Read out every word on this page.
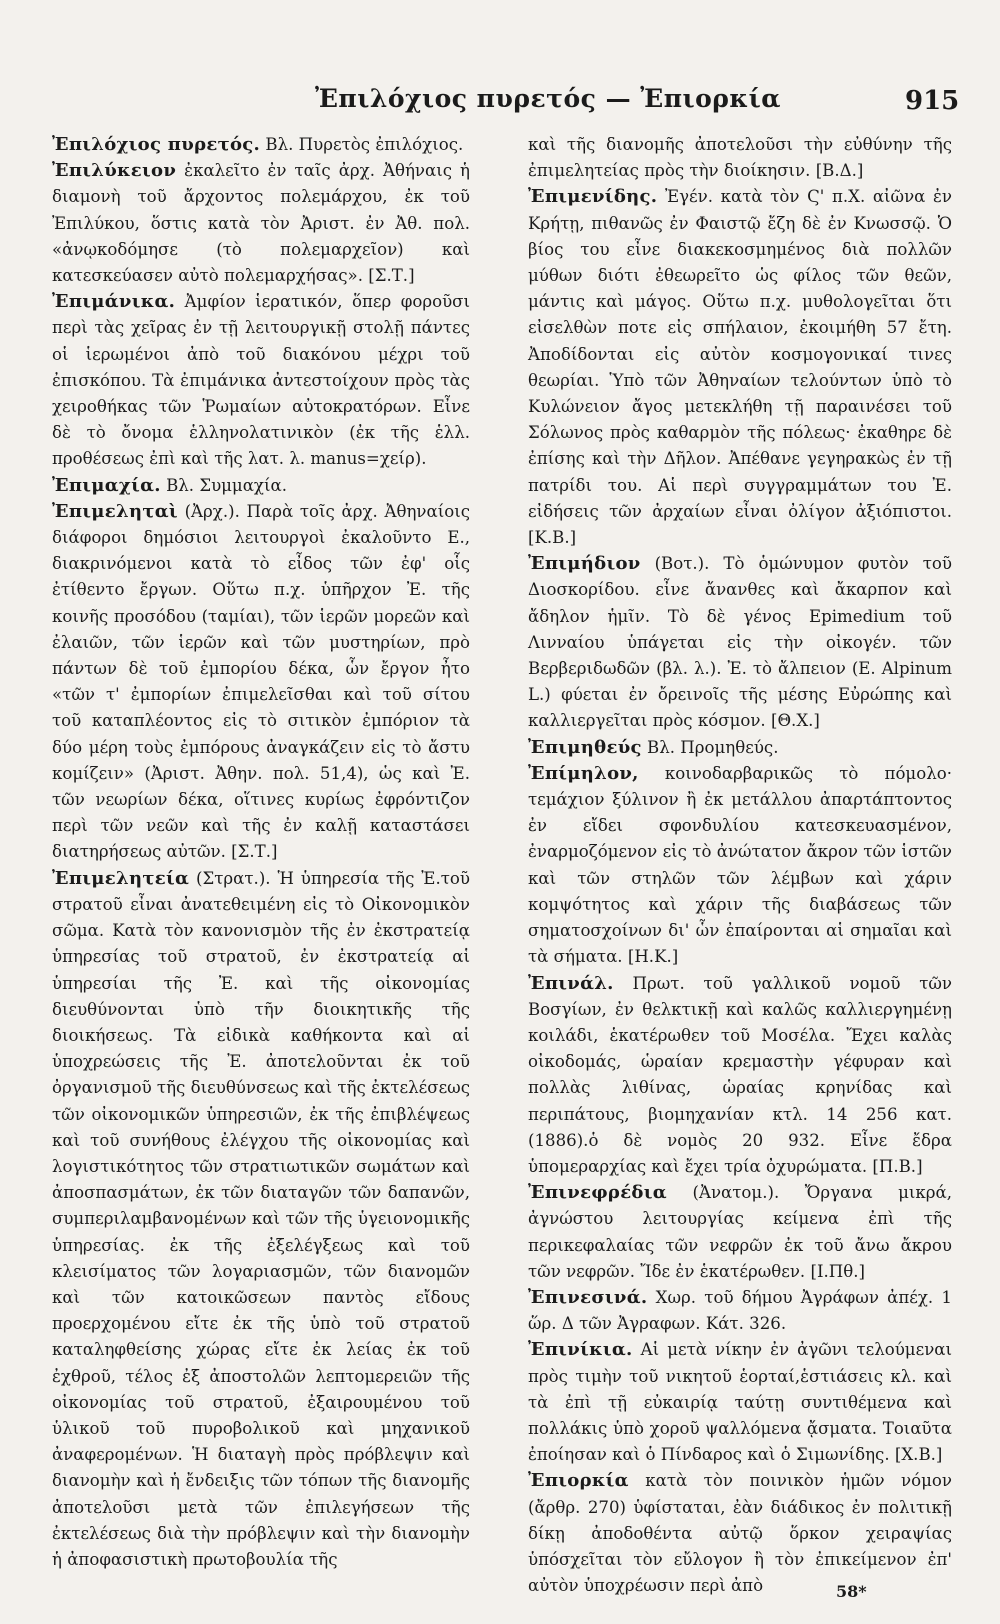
Ἐπιλόχιος πυρετός — Ἐπιορκία	915

Ἐπιλόχιος πυρετός. Βλ. Πυρετὸς ἐπιλόχιος.

Ἐπιλύκειον ἐκαλεῖτο ἐν ταῖς ἀρχ. Ἀθήναις ἡ διαμονὴ τοῦ ἄρχοντος πολεμάρχου, ἐκ τοῦ Ἐπιλύκου, ὅστις κατὰ τὸν Ἀριστ. ἐν Ἀθ. πολ. «ἀνῳκοδόμησε (τὸ πολεμαρχεῖον) καὶ κατεσκεύασεν αὐτὸ πολεμαρχήσας». [Σ.Τ.]

Ἐπιμάνικα. Ἀμφίον ἱερατικόν, ὅπερ φοροῦσι περὶ τὰς χεῖρας ἐν τῇ λειτουργικῇ στολῇ πάντες οἱ ἱερωμένοι ἀπὸ τοῦ διακόνου μέχρι τοῦ ἐπισκόπου. Τὰ ἐπιμάνικα ἀντεστοίχουν πρὸς τὰς χειροθήκας τῶν Ῥωμαίων αὐτοκρατόρων. Εἶνε δὲ τὸ ὄνομα ἑλληνολατινικὸν (ἐκ τῆς ἑλλ. προθέσεως ἐπὶ καὶ τῆς λατ. λ. manus=χείρ).

Ἐπιμαχία. Βλ. Συμμαχία.

Ἐπιμεληταὶ (Ἀρχ.). Παρὰ τοῖς ἀρχ. Ἀθηναίοις διάφοροι δημόσιοι λειτουργοὶ ἐκαλοῦντο Ε., διακρινόμενοι κατὰ τὸ εἶδος τῶν ἐφ' οἷς ἐτίθεντο ἔργων. Οὕτω π.χ. ὑπῆρχον Ἐ. τῆς κοινῆς προσόδου (ταμίαι), τῶν ἱερῶν μορεῶν καὶ ἐλαιῶν, τῶν ἱερῶν καὶ τῶν μυστηρίων, πρὸ πάντων δὲ τοῦ ἐμπορίου δέκα, ὧν ἔργον ἦτο «τῶν τ' ἐμπορίων ἐπιμελεῖσθαι καὶ τοῦ σίτου τοῦ καταπλέοντος εἰς τὸ σιτικὸν ἐμπόριον τὰ δύο μέρη τοὺς ἐμπόρους ἀναγκάζειν εἰς τὸ ἄστυ κομίζειν» (Ἀριστ. Ἀθην. πολ. 51,4), ὡς καὶ Ἐ. τῶν νεωρίων δέκα, οἵτινες κυρίως ἐφρόντιζον περὶ τῶν νεῶν καὶ τῆς ἐν καλῇ καταστάσει διατηρήσεως αὐτῶν. [Σ.Τ.]

Ἐπιμελητεία (Στρατ.). Ἡ ὑπηρεσία τῆς Ἐ.τοῦ στρατοῦ εἶναι ἀνατεθειμένη εἰς τὸ Οἰκονομικὸν σῶμα. Κατὰ τὸν κανονισμὸν τῆς ἐν ἐκστρατείᾳ ὑπηρεσίας τοῦ στρατοῦ, ἐν ἐκστρατείᾳ αἱ ὑπηρεσίαι τῆς Ἐ. καὶ τῆς οἰκονομίας διευθύνονται ὑπὸ τῆν διοικητικῆς τῆς διοικήσεως. Τὰ εἰδικὰ καθήκοντα καὶ αἱ ὑποχρεώσεις τῆς Ἐ. ἀποτελοῦνται ἐκ τοῦ ὀργανισμοῦ τῆς διευθύνσεως καὶ τῆς ἐκτελέσεως τῶν οἰκονομικῶν ὑπηρεσιῶν, ἐκ τῆς ἐπιβλέψεως καὶ τοῦ συνήθους ἐλέγχου τῆς οἰκονομίας καὶ λογιστικότητος τῶν στρατιωτικῶν σωμάτων καὶ ἀποσπασμάτων, ἐκ τῶν διαταγῶν τῶν δαπανῶν, συμπεριλαμβανομένων καὶ τῶν τῆς ὑγειονομικῆς ὑπηρεσίας. ἐκ τῆς ἐξελέγξεως καὶ τοῦ κλεισίματος τῶν λογαριασμῶν, τῶν διανομῶν καὶ τῶν κατοικῶσεων παντὸς εἴδους προερχομένου εἴτε ἐκ τῆς ὑπὸ τοῦ στρατοῦ καταληφθείσης χώρας εἴτε ἐκ λείας ἐκ τοῦ ἐχθροῦ, τέλος ἐξ ἀποστολῶν λεπτομερειῶν τῆς οἰκονομίας τοῦ στρατοῦ, ἐξαιρουμένου τοῦ ὑλικοῦ τοῦ πυροβολικοῦ καὶ μηχανικοῦ ἀναφερομένων. Ἡ διαταγὴ πρὸς πρόβλεψιν καὶ διανομὴν καὶ ἡ ἔνδειξις τῶν τόπων τῆς διανομῆς ἀποτελοῦσι μετὰ τῶν ἐπιλεγήσεων τῆς ἐκτελέσεως διὰ τὴν πρόβλεψιν καὶ τὴν διανομὴν ἡ ἀποφασιστικὴ πρωτοβουλία τῆς

καὶ τῆς διανομῆς ἀποτελοῦσι τὴν εὐθύνην τῆς ἐπιμελητείας πρὸς τὴν διοίκησιν. [Β.Δ.]

Ἐπιμενίδης. Ἐγέν. κατὰ τὸν Ϛ' π.Χ. αἰῶνα ἐν Κρήτῃ, πιθανῶς ἐν Φαιστῷ ἔζη δὲ ἐν Κνωσσῷ. Ὁ βίος του εἶνε διακεκοσμημένος διὰ πολλῶν μύθων διότι ἐθεωρεῖτο ὡς φίλος τῶν θεῶν, μάντις καὶ μάγος. Οὕτω π.χ. μυθολογεῖται ὅτι εἰσελθὼν ποτε εἰς σπήλαιον, ἐκοιμήθη 57 ἔτη. Ἀποδίδονται εἰς αὐτὸν κοσμογονικαί τινες θεωρίαι. Ὑπὸ τῶν Ἀθηναίων τελούντων ὑπὸ τὸ Κυλώνειον ἄγος μετεκλήθη τῇ παραινέσει τοῦ Σόλωνος πρὸς καθαρμὸν τῆς πόλεως· ἐκαθηρε δὲ ἐπίσης καὶ τὴν Δῆλον. Ἀπέθανε γεγηρακὼς ἐν τῇ πατρίδι του. Αἱ περὶ συγγραμμάτων του Ἐ. εἰδήσεις τῶν ἀρχαίων εἶναι ὀλίγον ἀξιόπιστοι. [Κ.Β.]

Ἐπιμήδιον (Βοτ.). Τὸ ὁμώνυμον φυτὸν τοῦ Διοσκορίδου. εἶνε ἄνανθες καὶ ἄκαρπον καὶ ἄδηλον ἡμῖν. Τὸ δὲ γένος Epimedium τοῦ Λινναίου ὑπάγεται εἰς τὴν οἰκογέν. τῶν Βερβεριδωδῶν (βλ. λ.). Ἐ. τὸ ἄλπειον (Ε. Alpinum L.) φύεται ἐν ὄρεινοῖς τῆς μέσης Εὐρώπης καὶ καλλιεργεῖται πρὸς κόσμον. [Θ.Χ.]

Ἐπιμηθεύς Βλ. Προμηθεύς.

Ἐπίμηλον, κοινοδαρβαρικῶς τὸ πόμολο· τεμάχιον ξύλινον ἢ ἐκ μετάλλου ἀπαρτάπτοντος ἐν εἴδει σφονδυλίου κατεσκευασμένον, ἐναρμοζόμενον εἰς τὸ ἀνώτατον ἄκρον τῶν ἱστῶν καὶ τῶν στηλῶν τῶν λέμβων καὶ χάριν κομψότητος καὶ χάριν τῆς διαβάσεως τῶν σηματοσχοίνων δι' ὧν ἐπαίρονται αἱ σημαῖαι καὶ τὰ σήματα. [Η.Κ.]

Ἐπινάλ. Πρωτ. τοῦ γαλλικοῦ νομοῦ τῶν Βοσγίων, ἐν θελκτικῇ καὶ καλῶς καλλιεργημένῃ κοιλάδι, ἑκατέρωθεν τοῦ Μοσέλα. Ἔχει καλὰς οἰκοδομάς, ὡραίαν κρεμαστὴν γέφυραν καὶ πολλὰς λιθίνας, ὡραίας κρηνίδας καὶ περιπάτους, βιομηχανίαν κτλ. 14 256 κατ. (1886).ὁ δὲ νομὸς 20 932. Εἶνε ἔδρα ὑπομεραρχίας καὶ ἔχει τρία ὀχυρώματα. [Π.Β.]

Ἐπινεφρέδια (Ἀνατομ.). Ὄργανα μικρά, ἀγνώστου λειτουργίας κείμενα ἐπὶ τῆς περικεφαλαίας τῶν νεφρῶν ἐκ τοῦ ἄνω ἄκρου τῶν νεφρῶν. Ἴδε ἐν ἑκατέρωθεν. [Ι.Πθ.]

Ἐπινεσινά. Χωρ. τοῦ δήμου Ἀγράφων ἀπέχ. 1 ὥρ. Δ τῶν Ἀγραφων. Κάτ. 326.

Ἐπινίκια. Αἱ μετὰ νίκην ἐν ἀγῶνι τελούμεναι πρὸς τιμὴν τοῦ νικητοῦ ἑορταί,ἑστιάσεις κλ. καὶ τὰ ἐπὶ τῇ εὐκαιρίᾳ ταύτῃ συντιθέμενα καὶ πολλάκις ὑπὸ χοροῦ ψαλλόμενα ᾄσματα. Τοιαῦτα ἐποίησαν καὶ ὁ Πίνδαρος καὶ ὁ Σιμωνίδης. [Χ.Β.]

Ἐπιορκία κατὰ τὸν ποινικὸν ἡμῶν νόμον (ἄρθρ. 270) ὑφίσταται, ἐὰν διάδικος ἐν πολιτικῇ δίκῃ ἀποδοθέντα αὐτῷ ὅρκον χειραψίας ὑπόσχεῖται τὸν εὔλογον ἢ τὸν ἐπικείμενον ἐπ' αὐτὸν ὑποχρέωσιν περὶ ἀπὸ	58*
